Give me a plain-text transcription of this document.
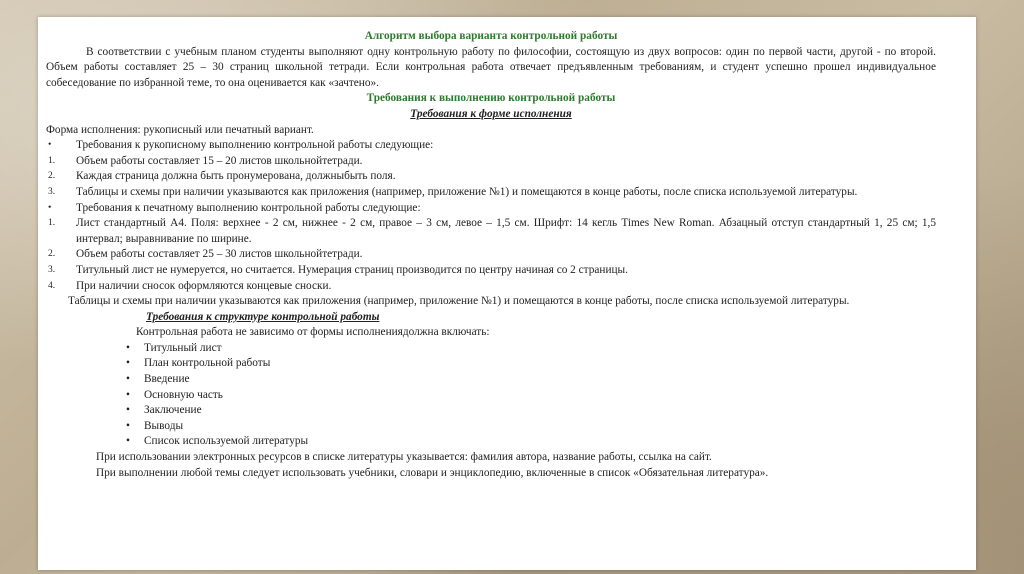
Алгоритм выбора варианта контрольной работы

В соответствии с учебным планом студенты выполняют одну контрольную работу по философии, состоящую из двух вопросов: один по первой части, другой - по второй. Объем работы составляет 25 – 30 страниц школьной тетради. Если контрольная работа отвечает предъявленным требованиям, и студент успешно прошел индивидуальное собеседование по избранной теме, то она оценивается как «зачтено».

Требования к выполнению контрольной работы

Требования к форме исполнения

Форма исполнения: рукописный или печатный вариант.

• Требования к рукописному выполнению контрольной работы следующие:

1. Объем работы составляет 15 – 20 листов школьнойтетради.

2. Каждая страница должна быть пронумерована, должныбыть поля.

3. Таблицы и схемы при наличии указываются как приложения (например, приложение №1) и помещаются в конце работы, после списка используемой литературы.

• Требования к печатному выполнению контрольной работы следующие:

1. Лист стандартный А4. Поля: верхнее - 2 см, нижнее - 2 см, правое – 3 см, левое – 1,5 см. Шрифт: 14 кегль Times New Roman. Абзацный отступ стандартный 1, 25 см; 1,5 интервал; выравнивание по ширине.

2. Объем работы составляет 25 – 30 листов школьнойтетради.

3. Титульный лист не нумеруется, но считается. Нумерация страниц производится по центру начиная со 2 страницы.

4. При наличии сносок оформляются концевые сноски.

Таблицы и схемы при наличии указываются как приложения (например, приложение №1) и помещаются в конце работы, после списка используемой литературы.

Требования к структуре контрольной работы

Контрольная работа не зависимо от формы исполнениядолжна включать:

• Титульный лист

• План контрольной работы

• Введение

• Основную часть

• Заключение

• Выводы

• Список используемой литературы

При использовании электронных ресурсов в списке литературы указывается: фамилия автора, название работы, ссылка на сайт.

При выполнении любой темы следует использовать учебники, словари и энциклопедию, включенные в список «Обязательная литература».
